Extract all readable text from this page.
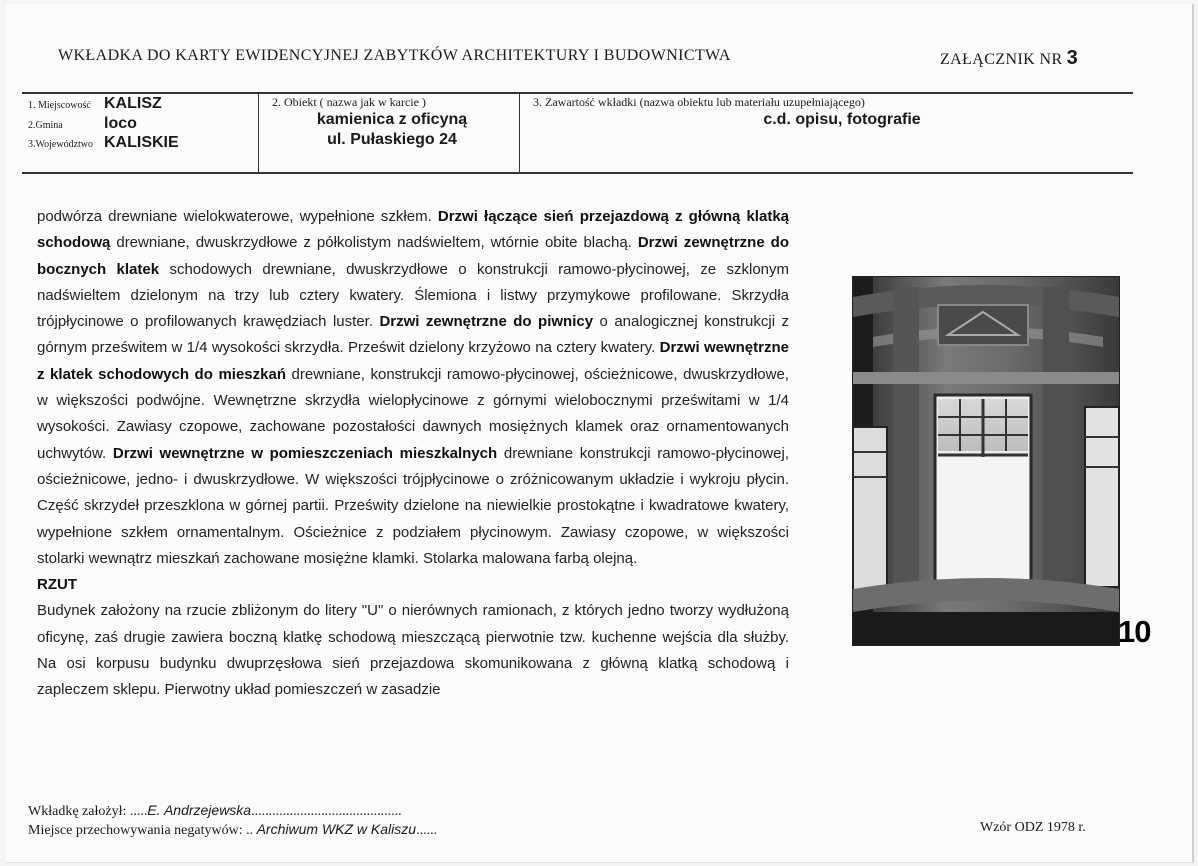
WKŁADKA DO KARTY EWIDENCYJNEJ ZABYTKÓW ARCHITEKTURY I BUDOWNICTWA	ZAŁĄCZNIK NR 3
1. Miejscowość KALISZ
2.Gmina	loco
3.Województwo KALISKIE
2. Obiekt ( nazwa jak w karcie )
kamienica z oficyną
ul. Pułaskiego 24
3. Zawartość wkładki (nazwa obiektu lub materiału uzupełniającego)
c.d. opisu, fotografie

podwórza drewniane wielokwaterowe, wypełnione szkłem. Drzwi łączące sień przejazdową z główną klatką schodową drewniane, dwuskrzydłowe z półkolistym nadświeltem, wtórnie obite blachą. Drzwi zewnętrzne do bocznych klatek schodowych drewniane, dwuskrzydłowe o konstrukcji ramowo-płycinowej, ze szklonym nadświeltem dzielonym na trzy lub cztery kwatery. Ślemiona i listwy przymykowe profilowane. Skrzydła trójpłycinowe o profilowanych krawędziach luster. Drzwi zewnętrzne do piwnicy o analogicznej konstrukcji z górnym prześwitem w 1/4 wysokości skrzydła. Prześwit dzielony krzyżowo na cztery kwatery. Drzwi wewnętrzne z klatek schodowych do mieszkań drewniane, konstrukcji ramowo-płycinowej, ościeżnicowe, dwuskrzydłowe, w większości podwójne. Wewnętrzne skrzydła wielopłycinowe z górnymi wielobocznymi prześwitami w 1/4 wysokości. Zawiasy czopowe, zachowane pozostałości dawnych mosiężnych klamek oraz ornamentowanych uchwytów. Drzwi wewnętrzne w pomieszczeniach mieszkalnych drewniane konstrukcji ramowo-płycinowej, ościeżnicowe, jedno- i dwuskrzydłowe. W większości trójpłycinowe o zróżnicowanym układzie i wykroju płycin. Część skrzydeł przeszklona w górnej partii. Prześwity dzielone na niewielkie prostokątne i kwadratowe kwatery, wypełnione szkłem ornamentalnym. Ościeżnice z podziałem płycinowym. Zawiasy czopowe, w większości stolarki wewnątrz mieszkań zachowane mosiężne klamki. Stolarka malowana farbą olejną.

RZUT

Budynek założony na rzucie zbliżonym do litery "U" o nierównych ramionach, z których jedno tworzy wydłużoną oficynę, zaś drugie zawiera boczną klatkę schodową mieszczącą pierwotnie tzw. kuchenne wejścia dla służby. Na osi korpusu budynku dwuprzęsłowa sień przejazdowa skomunikowana z główną klatką schodową i zapleczem sklepu. Pierwotny układ pomieszczeń w zasadzie

10
Wkładkę założył: .....E. Andrzejewska...........................................
Miejsce przechowywania negatywów: .. Archiwum WKZ w Kaliszu......	Wzór ODZ 1978 r.
